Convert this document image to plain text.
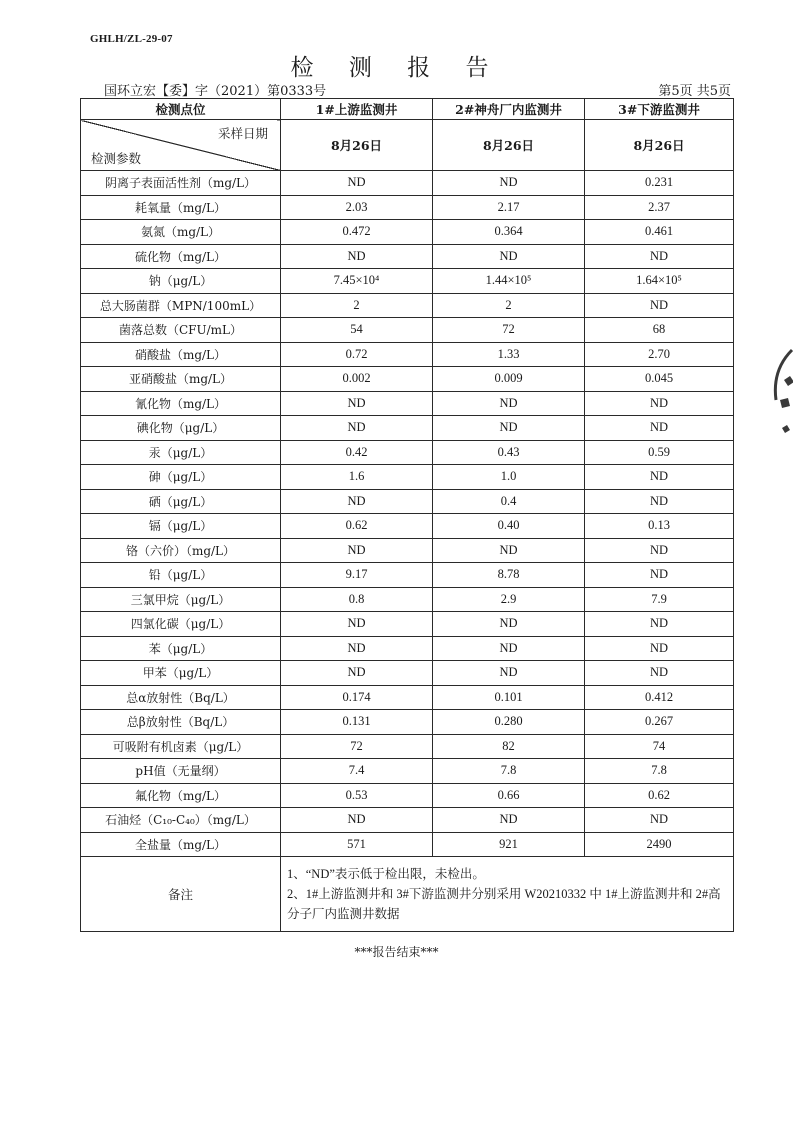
GHLH/ZL-29-07
检 测 报 告
国环立宏【委】字（2021）第0333号	第5页 共5页
检测点位	1#上游监测井	2#神舟厂内监测井	3#下游监测井

采样日期
检测参数	8月26日	8月26日	8月26日
阴离子表面活性剂（mg/L）	ND	ND	0.231
耗氧量（mg/L）	2.03	2.17	2.37
氨氮（mg/L）	0.472	0.364	0.461
硫化物（mg/L）	ND	ND	ND
钠（μg/L）	7.45×10⁴	1.44×10⁵	1.64×10⁵
总大肠菌群（MPN/100mL）	2	2	ND
菌落总数（CFU/mL）	54	72	68
硝酸盐（mg/L）	0.72	1.33	2.70
亚硝酸盐（mg/L）	0.002	0.009	0.045
氰化物（mg/L）	ND	ND	ND
碘化物（μg/L）	ND	ND	ND
汞（μg/L）	0.42	0.43	0.59
砷（μg/L）	1.6	1.0	ND
硒（μg/L）	ND	0.4	ND
镉（μg/L）	0.62	0.40	0.13
铬（六价）（mg/L）	ND	ND	ND
铅（μg/L）	9.17	8.78	ND
三氯甲烷（μg/L）	0.8	2.9	7.9
四氯化碳（μg/L）	ND	ND	ND
苯（μg/L）	ND	ND	ND
甲苯（μg/L）	ND	ND	ND
总α放射性（Bq/L）	0.174	0.101	0.412
总β放射性（Bq/L）	0.131	0.280	0.267
可吸附有机卤素（μg/L）	72	82	74
pH值（无量纲）	7.4	7.8	7.8
氟化物（mg/L）	0.53	0.66	0.62
石油烃（C₁₀-C₄₀）（mg/L）	ND	ND	ND
全盐量（mg/L）	571	921	2490
备注	1、“ND”表示低于检出限，未检出。
2、1#上游监测井和 3#下游监测井分别采用 W20210332 中 1#上游监测井和 2#高分子厂内监测井数据		
***报告结束***
